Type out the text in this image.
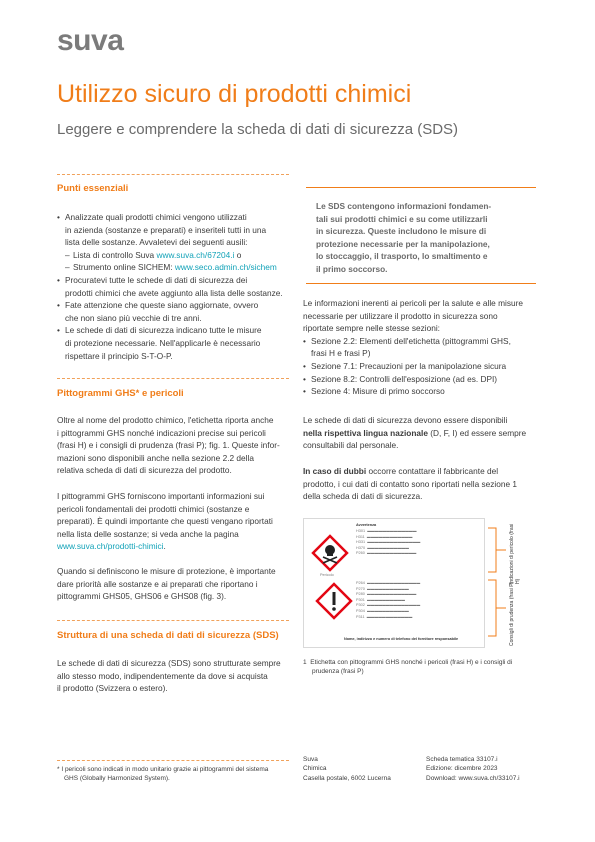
suva
Utilizzo sicuro di prodotti chimici
Leggere e comprendere la scheda di dati di sicurezza (SDS)
Punti essenziali
• Analizzate quali prodotti chimici vengono utilizzati
in azienda (sostanze e preparati) e inseriteli tutti in una
lista delle sostanze. Avvaletevi dei seguenti ausili:
– Lista di controllo Suva www.suva.ch/67204.i o
– Strumento online SICHEM: www.seco.admin.ch/sichem
• Procuratevi tutte le schede di dati di sicurezza dei
prodotti chimici che avete aggiunto alla lista delle sostanze.
• Fate attenzione che queste siano aggiornate, ovvero
che non siano più vecchie di tre anni.
• Le schede di dati di sicurezza indicano tutte le misure
di protezione necessarie. Nell'applicarle è necessario
rispettare il principio S-T-O-P.
Pittogrammi GHS* e pericoli
Oltre al nome del prodotto chimico, l'etichetta riporta anche
i pittogrammi GHS nonché indicazioni precise sui pericoli
(frasi H) e i consigli di prudenza (frasi P); fig. 1. Queste infor-
mazioni sono disponibili anche nella sezione 2.2 della
relativa scheda di dati di sicurezza del prodotto.
I pittogrammi GHS forniscono importanti informazioni sui
pericoli fondamentali dei prodotti chimici (sostanze e
preparati). È quindi importante che questi vengano riportati
nella lista delle sostanze; si veda anche la pagina
www.suva.ch/prodotti-chimici.
Quando si definiscono le misure di protezione, è importante
dare priorità alle sostanze e ai preparati che riportano i
pittogrammi GHS05, GHS06 e GHS08 (fig. 3).
Struttura di una scheda di dati di sicurezza (SDS)
Le schede di dati di sicurezza (SDS) sono strutturate sempre
allo stesso modo, indipendentemente da dove si acquista
il prodotto (Svizzera o estero).
* I pericoli sono indicati in modo unitario grazie ai pittogrammi del sistema
GHS (Globally Harmonized System).
Le SDS contengono informazioni fondamen-
tali sui prodotti chimici e su come utilizzarli
in sicurezza. Queste includono le misure di
protezione necessarie per la manipolazione,
lo stoccaggio, il trasporto, lo smaltimento e
il primo soccorso.
Le informazioni inerenti ai pericoli per la salute e alle misure
necessarie per utilizzare il prodotto in sicurezza sono
riportate sempre nelle stesse sezioni:
• Sezione 2.2: Elementi dell'etichetta (pittogrammi GHS,
frasi H e frasi P)
• Sezione 7.1: Precauzioni per la manipolazione sicura
• Sezione 8.2: Controlli dell'esposizione (ad es. DPI)
• Sezione 4: Misure di primo soccorso
Le schede di dati di sicurezza devono essere disponibili
nella rispettiva lingua nazionale (D, F, I) ed essere sempre
consultabili dal personale.
In caso di dubbi occorre contattare il fabbricante del
prodotto, i cui dati di contatto sono riportati nella sezione 1
della scheda di dati di sicurezza.
Avvertenza
Pericolo
H301  ▬▬▬▬▬▬▬▬▬▬▬▬▬
H311  ▬▬▬▬▬▬▬▬▬▬▬▬
H331  ▬▬▬▬▬▬▬▬▬▬▬▬▬▬
H370  ▬▬▬▬▬▬▬▬▬▬▬
P260  ▬▬▬▬▬▬▬▬▬▬▬▬▬
P264  ▬▬▬▬▬▬▬▬▬▬▬▬▬▬
P270  ▬▬▬▬▬▬▬▬▬▬▬
P280  ▬▬▬▬▬▬▬▬▬▬▬▬▬
P301  ▬▬▬▬▬▬▬▬▬▬
P302  ▬▬▬▬▬▬▬▬▬▬▬▬▬▬
P304  ▬▬▬▬▬▬▬▬▬▬▬
P311  ▬▬▬▬▬▬▬▬▬▬▬▬
Nome, indirizzo e numero di telefono del fornitore responsabile
Indicazioni di pericolo (frasi H)
Consigli di prudenza (frasi P)
1 Etichetta con pittogrammi GHS nonché i pericoli (frasi H) e i consigli di
prudenza (frasi P)
Suva
Chimica
Casella postale, 6002 Lucerna
Scheda tematica 33107.i
Edizione: dicembre 2023
Download: www.suva.ch/33107.i
